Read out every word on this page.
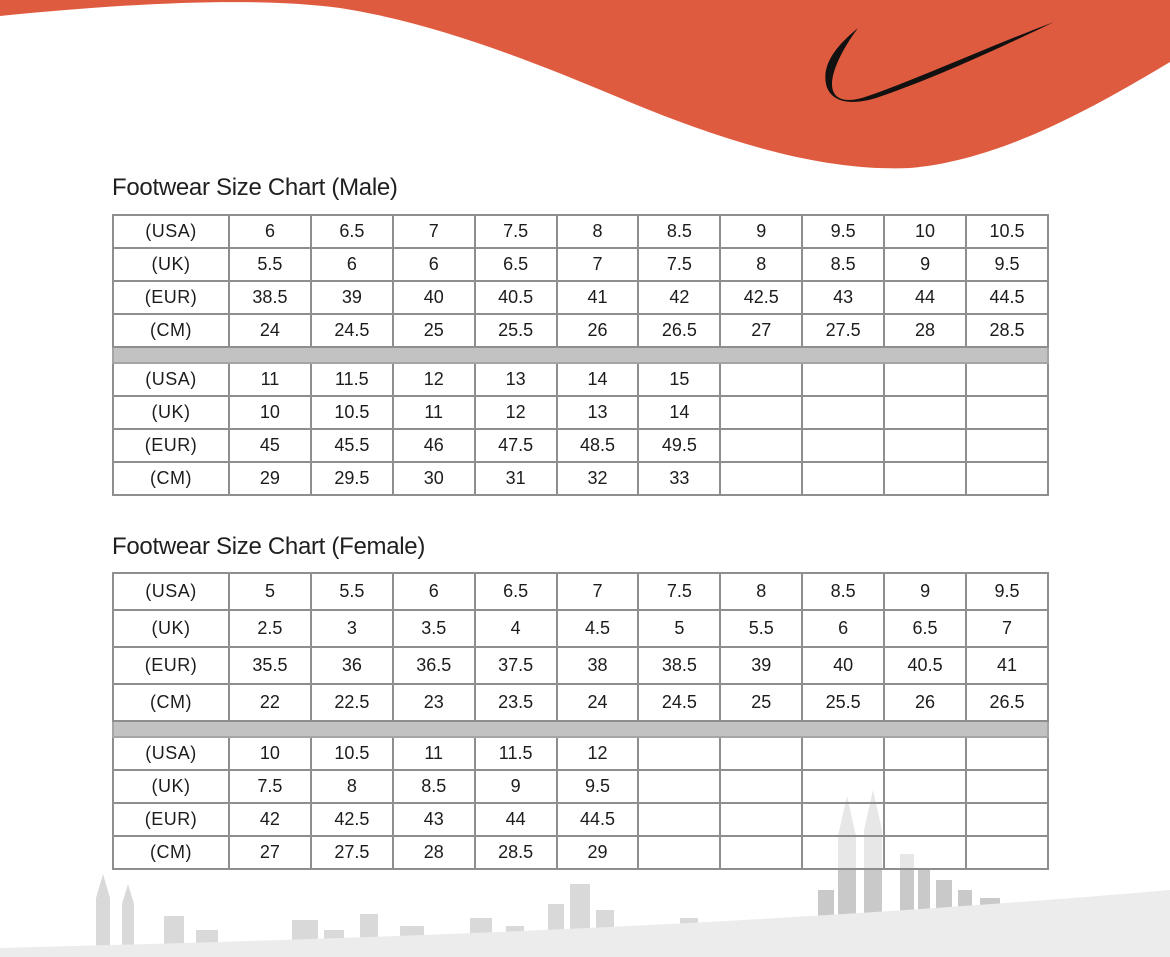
Footwear Size Chart (Male)
(USA)	6	6.5	7	7.5	8	8.5	9	9.5	10	10.5
(UK)	5.5	6	6	6.5	7	7.5	8	8.5	9	9.5
(EUR)	38.5	39	40	40.5	41	42	42.5	43	44	44.5
(CM)	24	24.5	25	25.5	26	26.5	27	27.5	28	28.5

(USA)	11	11.5	12	13	14	15				
(UK)	10	10.5	11	12	13	14				
(EUR)	45	45.5	46	47.5	48.5	49.5				
(CM)	29	29.5	30	31	32	33				
Footwear Size Chart (Female)
(USA)	5	5.5	6	6.5	7	7.5	8	8.5	9	9.5
(UK)	2.5	3	3.5	4	4.5	5	5.5	6	6.5	7
(EUR)	35.5	36	36.5	37.5	38	38.5	39	40	40.5	41
(CM)	22	22.5	23	23.5	24	24.5	25	25.5	26	26.5

(USA)	10	10.5	11	11.5	12					
(UK)	7.5	8	8.5	9	9.5					
(EUR)	42	42.5	43	44	44.5					
(CM)	27	27.5	28	28.5	29					
